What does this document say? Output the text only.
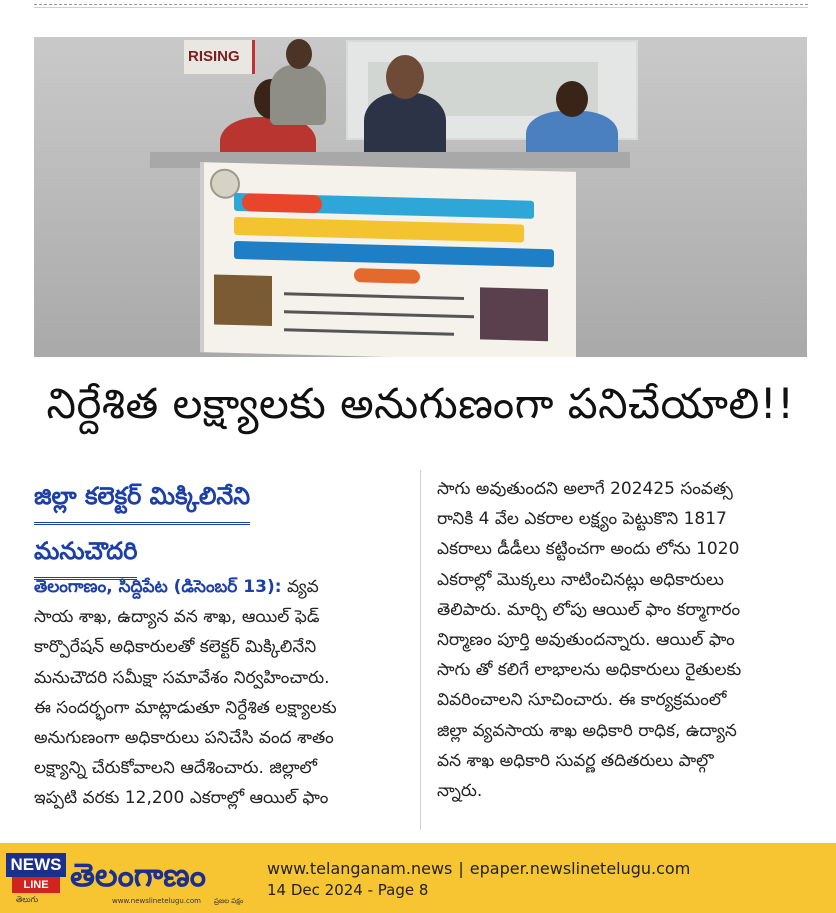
RISING
నిర్దేశిత లక్ష్యాలకు అనుగుణంగా పనిచేయాలి!!
జిల్లా కలెక్టర్ మిక్కిలినేని
మనుచౌదరి
తెలంగాణం, సిద్దిపేట (డిసెంబర్ 13): వ్యవ
సాయ శాఖ, ఉద్యాన వన శాఖ, ఆయిల్ ఫెడ్
కార్పొరేషన్ అధికారులతో కలెక్టర్ మిక్కిలినేని
మనుచౌదరి సమీక్షా సమావేశం నిర్వహించారు.
ఈ సందర్భంగా మాట్లాడుతూ నిర్దేశిత లక్ష్యాలకు
అనుగుణంగా అధికారులు పనిచేసి వంద శాతం
లక్ష్యాన్ని చేరుకోవాలని ఆదేశించారు. జిల్లాలో
ఇప్పటి వరకు 12,200 ఎకరాల్లో ఆయిల్ ఫాం
సాగు అవుతుందని అలాగే 202425 సంవత్స
రానికి 4 వేల ఎకరాల లక్ష్యం పెట్టుకొని 1817
ఎకరాలు డీడీలు కట్టించగా అందు లోను 1020
ఎకరాల్లో మొక్కలు నాటించినట్లు అధికారులు
తెలిపారు. మార్చి లోపు ఆయిల్ ఫాం కర్మాగారం
నిర్మాణం పూర్తి అవుతుందన్నారు. ఆయిల్ ఫాం
సాగు తో కలిగే లాభాలను అధికారులు రైతులకు
వివరించాలని సూచించారు. ఈ కార్యక్రమంలో
జిల్లా వ్యవసాయ శాఖ అధికారి రాధిక, ఉద్యాన
వన శాఖ అధికారి సువర్ణ తదితరులు పాల్గొ
న్నారు.
NEWS
LINE
తెలుగు
తెలంగాణం
www.newslinetelugu.com ప్రజల పక్షం
www.telanganam.news | epaper.newslinetelugu.com
14 Dec 2024 - Page 8
